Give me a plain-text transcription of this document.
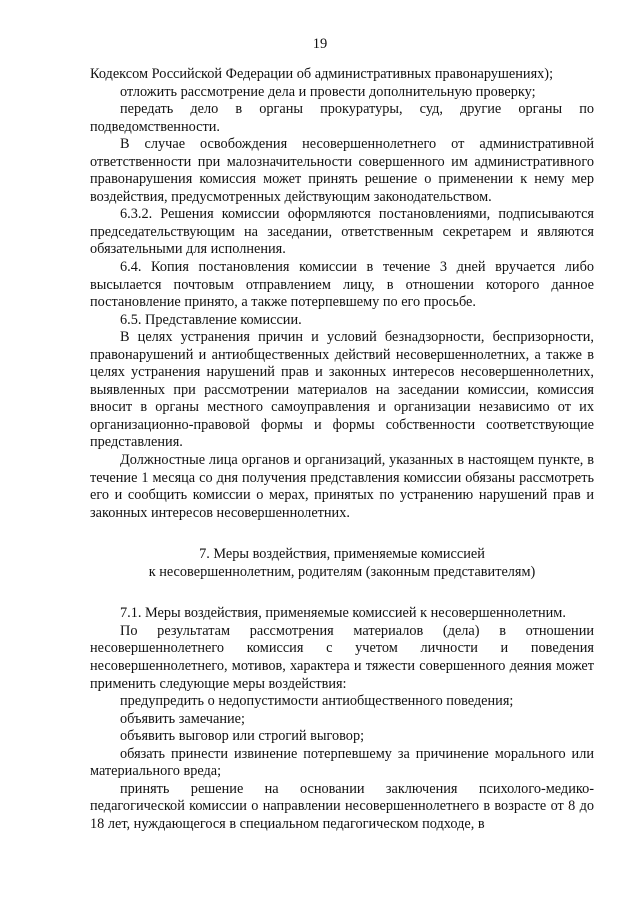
19

Кодексом Российской Федерации об административных правонарушениях);

отложить рассмотрение дела и провести дополнительную проверку;

передать дело в органы прокуратуры, суд, другие органы по подведомственности.

В случае освобождения несовершеннолетнего от административной ответственности при малозначительности совершенного им административного правонарушения комиссия может принять решение о применении к нему мер воздействия, предусмотренных действующим законодательством.

6.3.2. Решения комиссии оформляются постановлениями, подписываются председательствующим на заседании, ответственным секретарем и являются обязательными для исполнения.

6.4. Копия постановления комиссии в течение 3 дней вручается либо высылается почтовым отправлением лицу, в отношении которого данное постановление принято, а также потерпевшему по его просьбе.

6.5. Представление комиссии.

В целях устранения причин и условий безнадзорности, беспризорности, правонарушений и антиобщественных действий несовершеннолетних, а также в целях устранения нарушений прав и законных интересов несовершеннолетних, выявленных при рассмотрении материалов на заседании комиссии, комиссия вносит в органы местного самоуправления и организации независимо от их организационно-правовой формы и формы собственности соответствующие представления.

Должностные лица органов и организаций, указанных в настоящем пункте, в течение 1 месяца со дня получения представления комиссии обязаны рассмотреть его и сообщить комиссии о мерах, принятых по устранению нарушений прав и законных интересов несовершеннолетних.

7. Меры воздействия, применяемые комиссией
к несовершеннолетним, родителям (законным представителям)

7.1. Меры воздействия, применяемые комиссией к несовершеннолетним.

По результатам рассмотрения материалов (дела) в отношении несовершеннолетнего комиссия с учетом личности и поведения несовершеннолетнего, мотивов, характера и тяжести совершенного деяния может применить следующие меры воздействия:

предупредить о недопустимости антиобщественного поведения;

объявить замечание;

объявить выговор или строгий выговор;

обязать принести извинение потерпевшему за причинение морального или материального вреда;

принять решение на основании заключения психолого-медико-педагогической комиссии о направлении несовершеннолетнего в возрасте от 8 до 18 лет, нуждающегося в специальном педагогическом подходе, в
